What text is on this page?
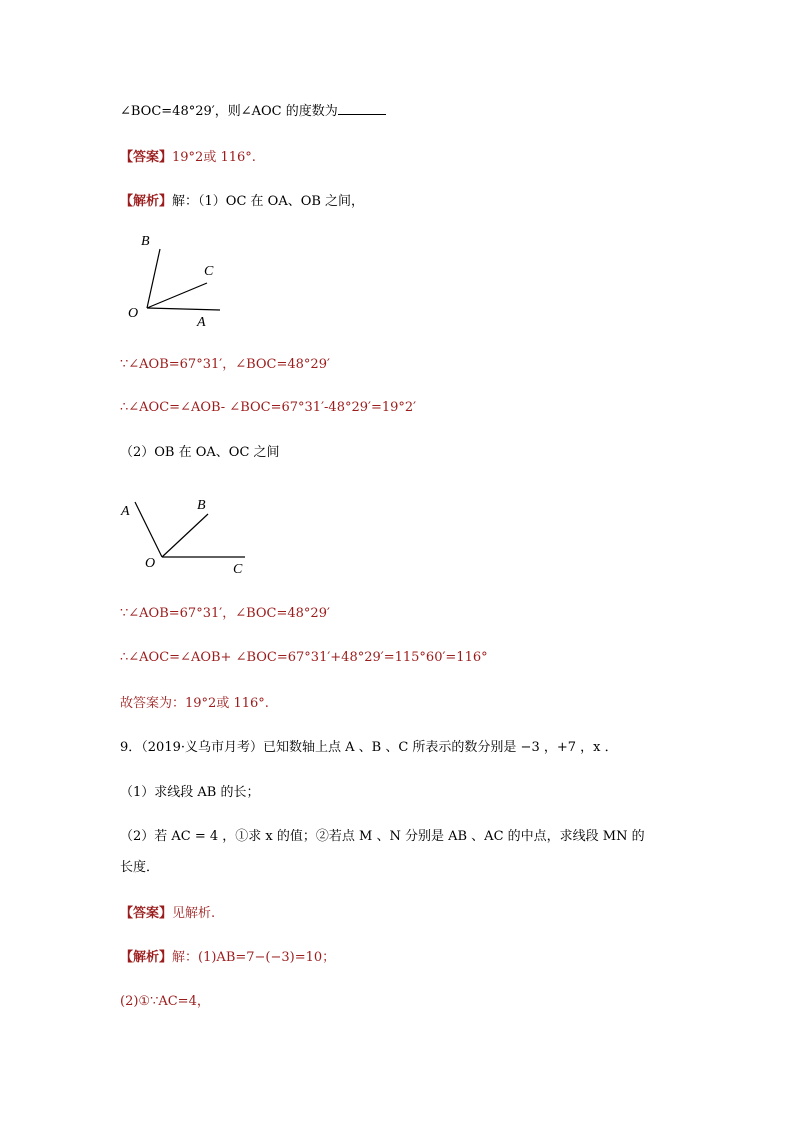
∠BOC=48°29′，则∠AOC 的度数为
【答案】19°2或 116°.
【解析】解：（1）OC 在 OA、OB 之间，
B
C
O
A
∵∠AOB=67°31′，∠BOC=48°29′
∴∠AOC=∠AOB- ∠BOC=67°31′-48°29′=19°2′
（2）OB 在 OA、OC 之间
A	B
O	C
∵∠AOB=67°31′，∠BOC=48°29′
∴∠AOC=∠AOB+ ∠BOC=67°31′+48°29′=115°60′=116°
故答案为：19°2或 116°.
9．（2019·义乌市月考）已知数轴上点 A 、B 、C 所表示的数分别是 −3 ，+7 ，x ．
（1）求线段 AB 的长；
（2）若 AC = 4 ，①求 x 的值；②若点 M 、N 分别是 AB 、AC 的中点，求线段 MN 的
长度．
【答案】见解析.
【解析】解：(1)AB=7−(−3)=10；
(2)①∵AC=4，
